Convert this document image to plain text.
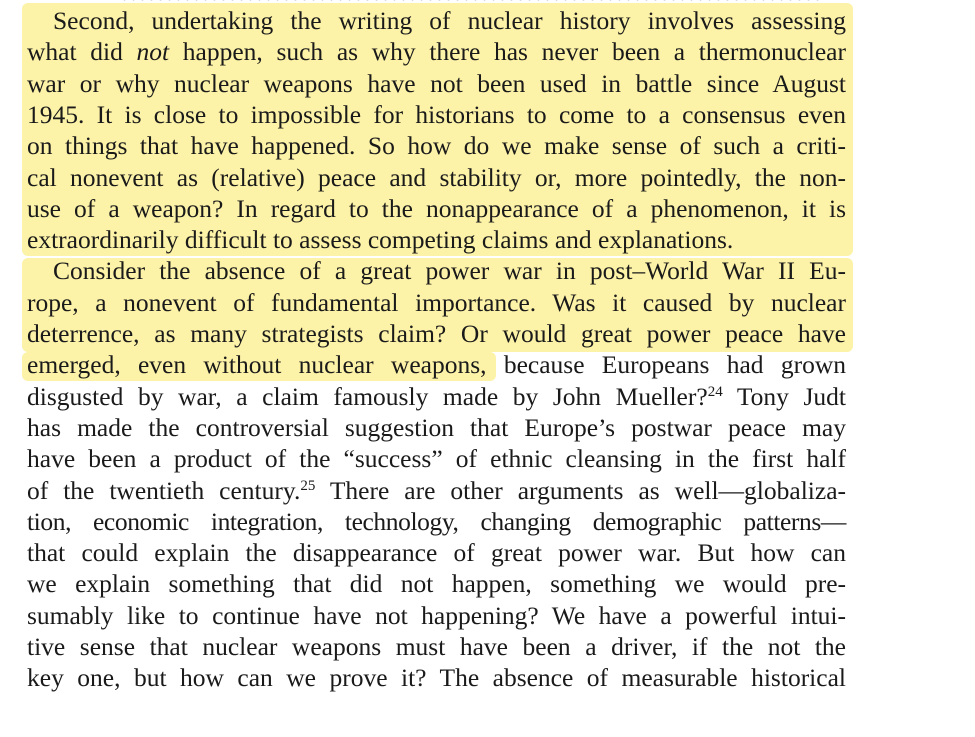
Second, undertaking the writing of nuclear history involves assessing
what did not happen, such as why there has never been a thermonuclear
war or why nuclear weapons have not been used in battle since August
1945. It is close to impossible for historians to come to a consensus even
on things that have happened. So how do we make sense of such a criti-
cal nonevent as (relative) peace and stability or, more pointedly, the non-
use of a weapon? In regard to the nonappearance of a phenomenon, it is
extraordinarily difficult to assess competing claims and explanations.
Consider the absence of a great power war in post–World War II Eu-
rope, a nonevent of fundamental importance. Was it caused by nuclear
deterrence, as many strategists claim? Or would great power peace have
emerged, even without nuclear weapons, because Europeans had grown
disgusted by war, a claim famously made by John Mueller?$^{24}$ Tony Judt
has made the controversial suggestion that Europe’s postwar peace may
have been a product of the “success” of ethnic cleansing in the first half
of the twentieth century.$^{25}$ There are other arguments as well—globaliza-
tion, economic integration, technology, changing demographic patterns—
that could explain the disappearance of great power war. But how can
we explain something that did not happen, something we would pre-
sumably like to continue have not happening? We have a powerful intui-
tive sense that nuclear weapons must have been a driver, if the not the
key one, but how can we prove it? The absence of measurable historical
